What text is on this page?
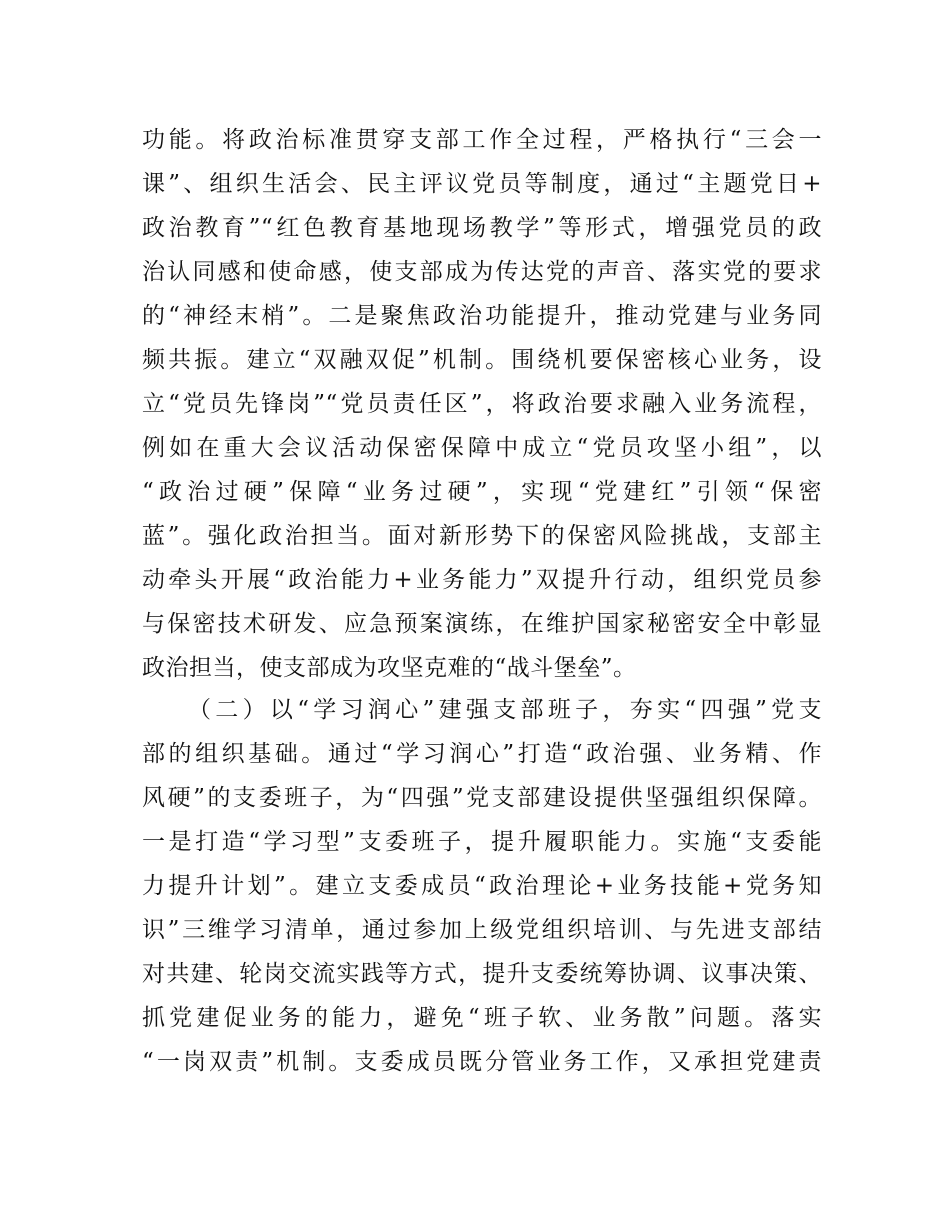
功能。将政治标准贯穿支部工作全过程，严格执行“三会一
课”、组织生活会、民主评议党员等制度，通过“主题党日+
政治教育”“红色教育基地现场教学”等形式，增强党员的政
治认同感和使命感，使支部成为传达党的声音、落实党的要求
的“神经末梢”。二是聚焦政治功能提升，推动党建与业务同
频共振。建立“双融双促”机制。围绕机要保密核心业务，设
立“党员先锋岗”“党员责任区”，将政治要求融入业务流程，
例如在重大会议活动保密保障中成立“党员攻坚小组”，以
“政治过硬”保障“业务过硬”，实现“党建红”引领“保密
蓝”。强化政治担当。面对新形势下的保密风险挑战，支部主
动牵头开展“政治能力+业务能力”双提升行动，组织党员参
与保密技术研发、应急预案演练，在维护国家秘密安全中彰显
政治担当，使支部成为攻坚克难的“战斗堡垒”。
（二）以“学习润心”建强支部班子，夯实“四强”党支
部的组织基础。通过“学习润心”打造“政治强、业务精、作
风硬”的支委班子，为“四强”党支部建设提供坚强组织保障。
一是打造“学习型”支委班子，提升履职能力。实施“支委能
力提升计划”。建立支委成员“政治理论+业务技能+党务知
识”三维学习清单，通过参加上级党组织培训、与先进支部结
对共建、轮岗交流实践等方式，提升支委统筹协调、议事决策、
抓党建促业务的能力，避免“班子软、业务散”问题。落实
“一岗双责”机制。支委成员既分管业务工作，又承担党建责
